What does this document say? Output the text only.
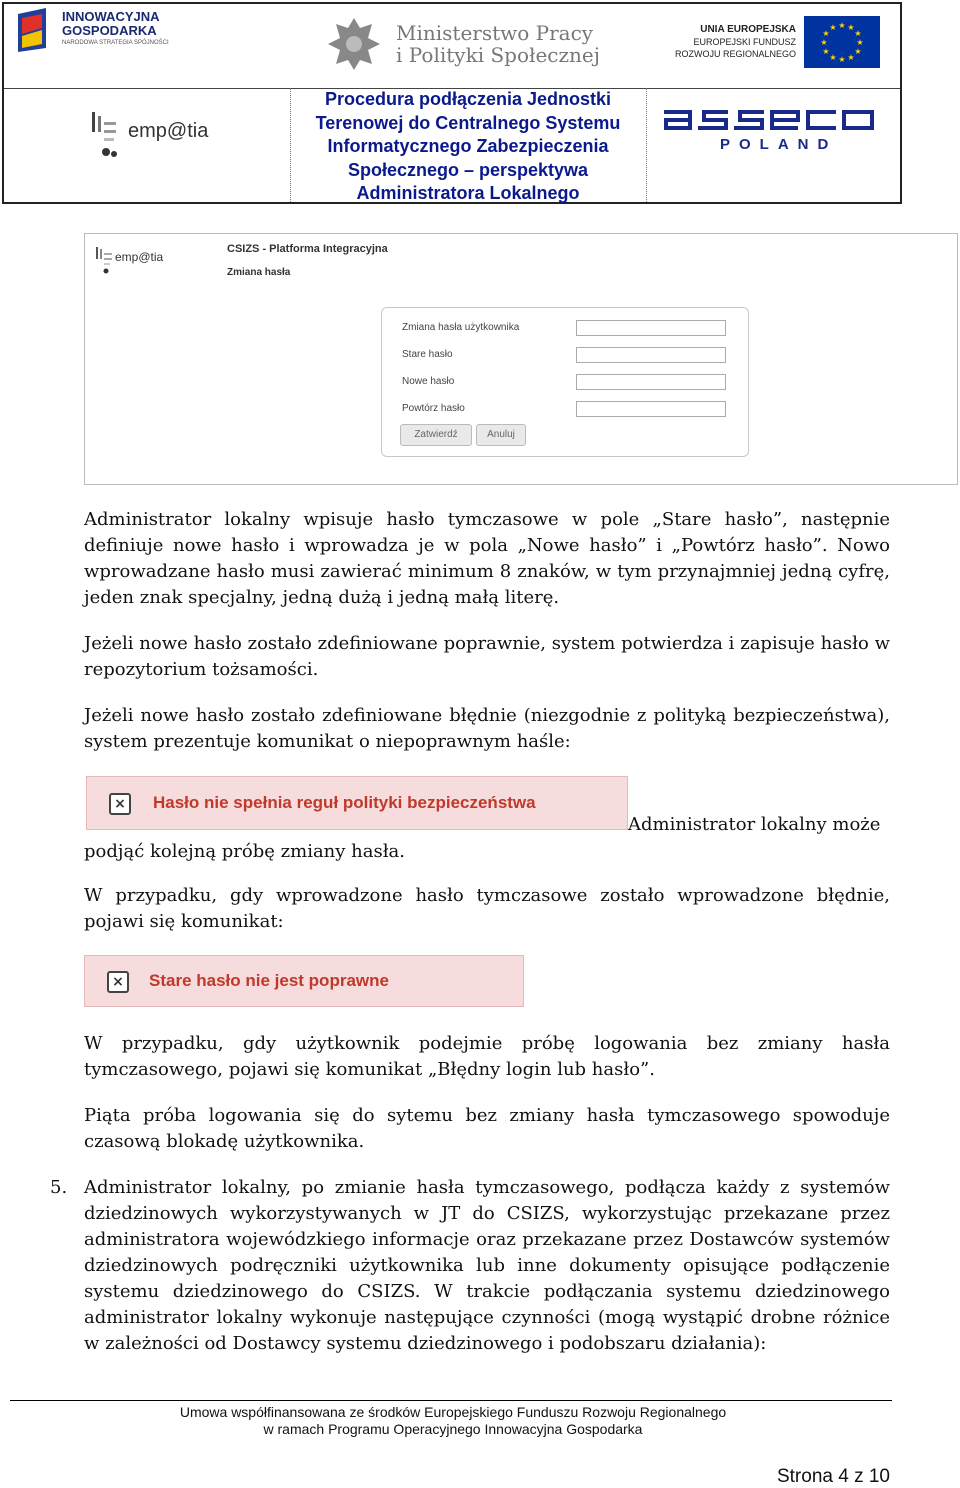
INNOWACYJNA
GOSPODARKA
NARODOWA STRATEGIA SPÓJNOŚCI	Ministerstwo Pracy
i Polityki Społecznej
UNIA EUROPEJSKA
EUROPEJSKI FUNDUSZ
ROZWOJU REGIONALNEGO
★ ★
★
★
★
★
★
★
★
★
★
★
emp@tia
Procedura podłączenia Jednostki
Terenowej do Centralnego Systemu
Informatycznego Zabezpieczenia
Społecznego – perspektywa
Administratora Lokalnego
POLAND
emp@tia
CSIZS - Platforma Integracyjna
Zmiana hasła
Zmiana hasła użytkownika
Stare hasło
Nowe hasło
Powtórz hasło
Zatwierdź	Anuluj
Administrator lokalny wpisuje hasło tymczasowe w pole „Stare hasło”, następnie
definiuje nowe hasło i wprowadza je w pola „Nowe hasło” i „Powtórz hasło”. Nowo
wprowadzane hasło musi zawierać minimum 8 znaków, w tym przynajmniej jedną cyfrę,
jeden znak specjalny, jedną dużą i jedną małą literę.
Jeżeli nowe hasło zostało zdefiniowane poprawnie, system potwierdza i zapisuje hasło w
repozytorium tożsamości.
Jeżeli nowe hasło zostało zdefiniowane błędnie (niezgodnie z polityką bezpieczeństwa),
system prezentuje komunikat o niepoprawnym haśle:
×	Hasło nie spełnia reguł polityki bezpieczeństwa
Administrator lokalny może
podjąć kolejną próbę zmiany hasła.
W przypadku, gdy wprowadzone hasło tymczasowe zostało wprowadzone błędnie,
pojawi się komunikat:
×	Stare hasło nie jest poprawne
W przypadku, gdy użytkownik podejmie próbę logowania bez zmiany hasła
tymczasowego, pojawi się komunikat „Błędny login lub hasło”.
Piąta próba logowania się do sytemu bez zmiany hasła tymczasowego spowoduje
czasową blokadę użytkownika.
5. Administrator lokalny, po zmianie hasła tymczasowego, podłącza każdy z systemów
dziedzinowych wykorzystywanych w JT do CSIZS, wykorzystując przekazane przez
administratora wojewódzkiego informacje oraz przekazane przez Dostawców systemów
dziedzinowych podręczniki użytkownika lub inne dokumenty opisujące podłączenie
systemu dziedzinowego do CSIZS. W trakcie podłączania systemu dziedzinowego
administrator lokalny wykonuje następujące czynności (mogą wystąpić drobne różnice
w zależności od Dostawcy systemu dziedzinowego i podobszaru działania):
Umowa współfinansowana ze środków Europejskiego Funduszu Rozwoju Regionalnego
w ramach Programu Operacyjnego Innowacyjna Gospodarka
Strona 4 z 10
